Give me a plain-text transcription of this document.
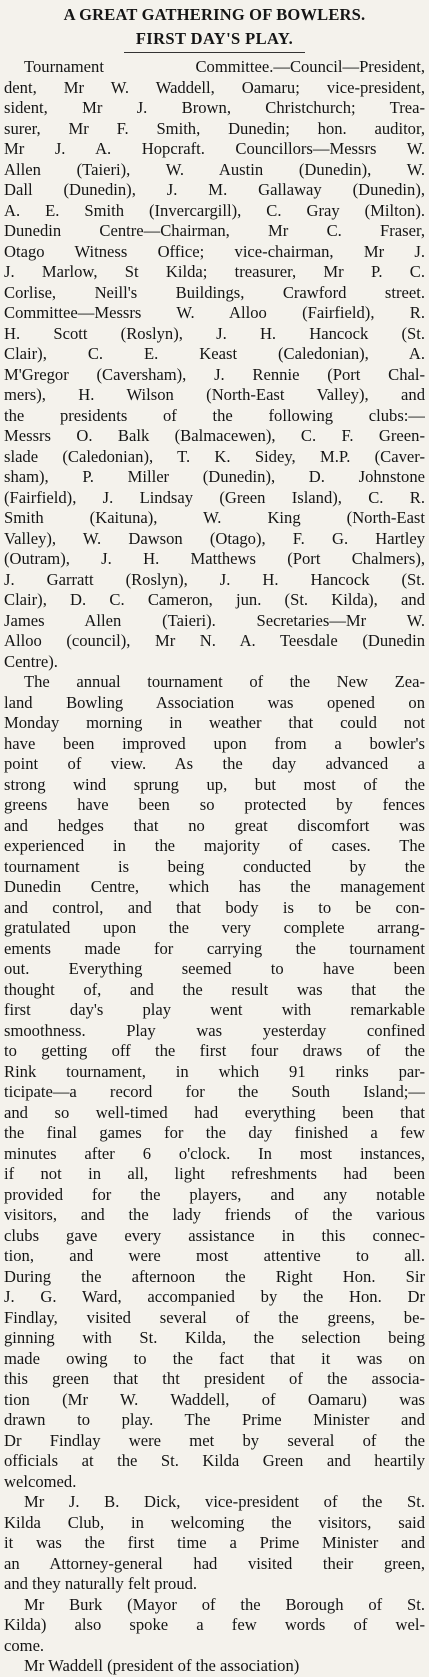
A GREAT GATHERING OF BOWLERS.
FIRST DAY'S PLAY.
Tournament Committee.—Council—President,
dent, Mr W. Waddell, Oamaru; vice-president,
sident, Mr J. Brown, Christchurch; Trea-
surer, Mr F. Smith, Dunedin; hon. auditor,
Mr J. A. Hopcraft. Councillors—Messrs W.
Allen (Taieri), W. Austin (Dunedin), W.
Dall (Dunedin), J. M. Gallaway (Dunedin),
A. E. Smith (Invercargill), C. Gray (Milton).
Dunedin Centre—Chairman, Mr C. Fraser,
Otago Witness Office; vice-chairman, Mr J.
J. Marlow, St Kilda; treasurer, Mr P. C.
Corlise, Neill's Buildings, Crawford street.
Committee—Messrs W. Alloo (Fairfield), R.
H. Scott (Roslyn), J. H. Hancock (St.
Clair), C. E. Keast (Caledonian), A.
M'Gregor (Caversham), J. Rennie (Port Chal-
mers), H. Wilson (North-East Valley), and
the presidents of the following clubs:—
Messrs O. Balk (Balmacewen), C. F. Green-
slade (Caledonian), T. K. Sidey, M.P. (Caver-
sham), P. Miller (Dunedin), D. Johnstone
(Fairfield), J. Lindsay (Green Island), C. R.
Smith (Kaituna), W. King (North-East
Valley), W. Dawson (Otago), F. G. Hartley
(Outram), J. H. Matthews (Port Chalmers),
J. Garratt (Roslyn), J. H. Hancock (St.
Clair), D. C. Cameron, jun. (St. Kilda), and
James Allen (Taieri). Secretaries—Mr W.
Alloo (council), Mr N. A. Teesdale (Dunedin
Centre).
The annual tournament of the New Zea-
land Bowling Association was opened on
Monday morning in weather that could not
have been improved upon from a bowler's
point of view. As the day advanced a
strong wind sprung up, but most of the
greens have been so protected by fences
and hedges that no great discomfort was
experienced in the majority of cases. The
tournament is being conducted by the
Dunedin Centre, which has the management
and control, and that body is to be con-
gratulated upon the very complete arrang-
ements made for carrying the tournament
out. Everything seemed to have been
thought of, and the result was that the
first day's play went with remarkable
smoothness. Play was yesterday confined
to getting off the first four draws of the
Rink tournament, in which 91 rinks par-
ticipate—a record for the South Island;—
and so well-timed had everything been that
the final games for the day finished a few
minutes after 6 o'clock. In most instances,
if not in all, light refreshments had been
provided for the players, and any notable
visitors, and the lady friends of the various
clubs gave every assistance in this connec-
tion, and were most attentive to all.
During the afternoon the Right Hon. Sir
J. G. Ward, accompanied by the Hon. Dr
Findlay, visited several of the greens, be-
ginning with St. Kilda, the selection being
made owing to the fact that it was on
this green that tht president of the associa-
tion (Mr W. Waddell, of Oamaru) was
drawn to play. The Prime Minister and
Dr Findlay were met by several of the
officials at the St. Kilda Green and heartily
welcomed.
Mr J. B. Dick, vice-president of the St.
Kilda Club, in welcoming the visitors, said
it was the first time a Prime Minister and
an Attorney-general had visited their green,
and they naturally felt proud.
Mr Burk (Mayor of the Borough of St.
Kilda) also spoke a few words of wel-
come.
Mr Waddell (president of the association)
